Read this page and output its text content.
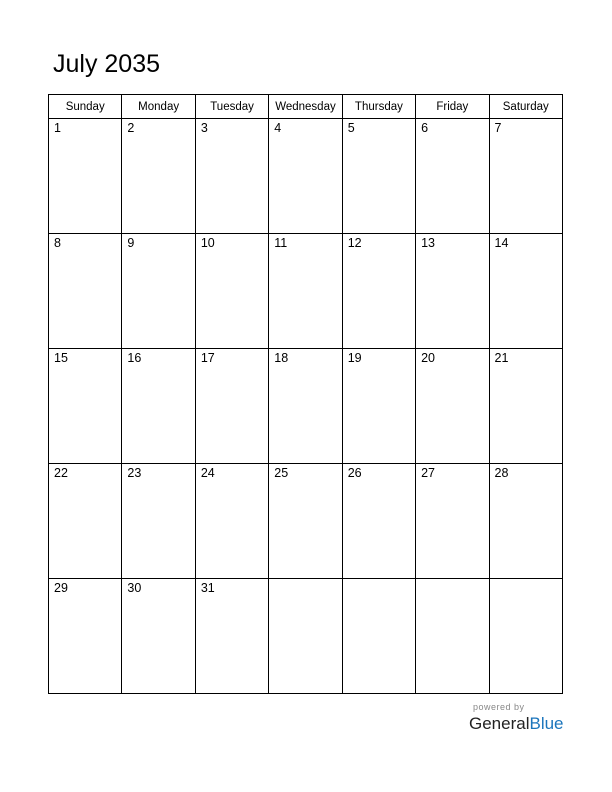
July 2035
Sunday	Monday	Tuesday	Wednesday	Thursday	Friday	Saturday

1	2	3	4	5	6	7

8	9	10	11	12	13	14

15	16	17	18	19	20	21

22	23	24	25	26	27	28

29	30	31				

powered by
GeneralBlue
